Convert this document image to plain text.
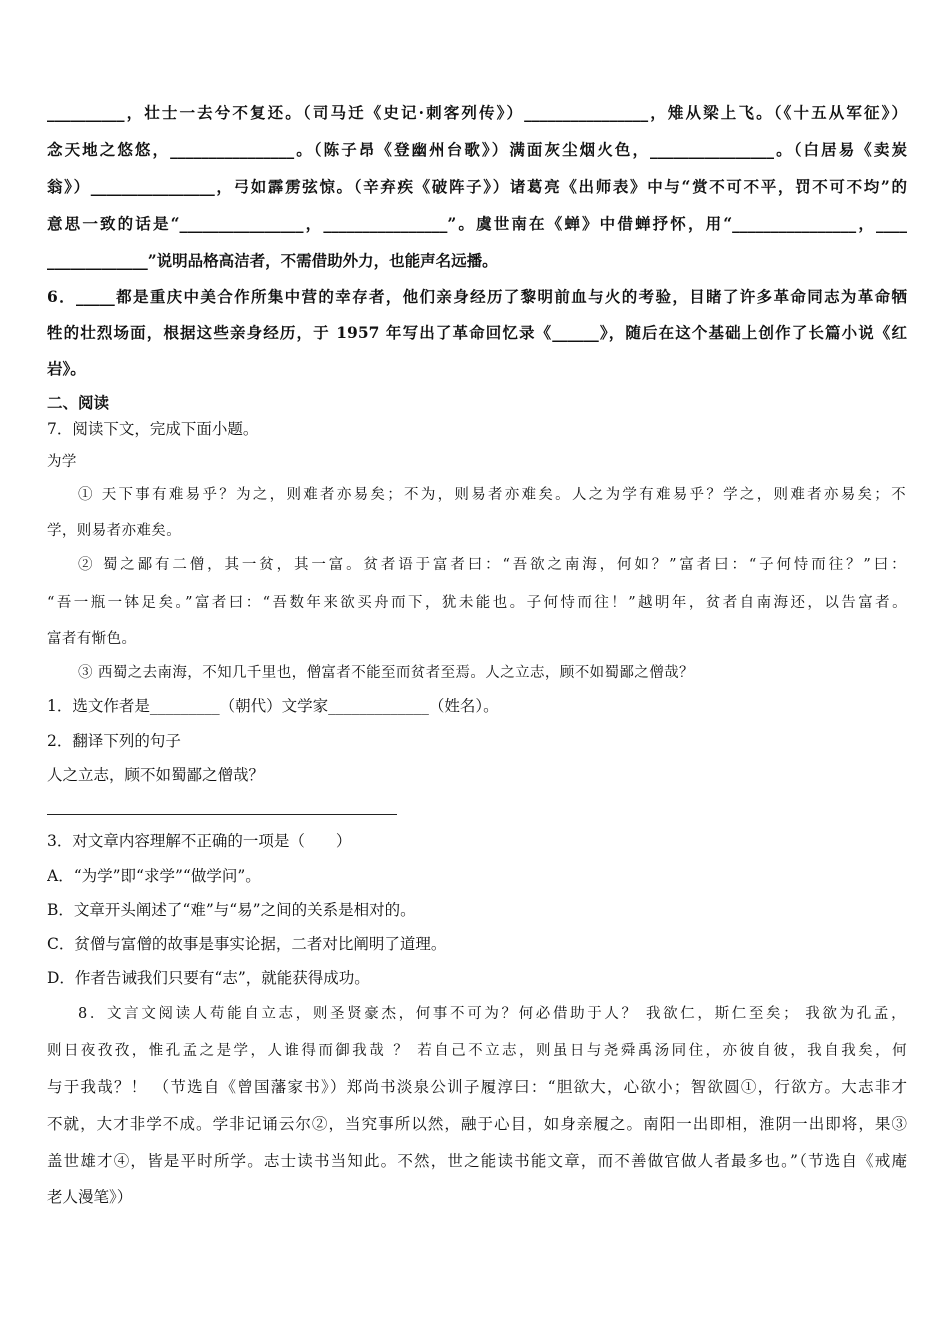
__________，壮士一去兮不复还。（司马迁《史记·刺客列传》）________________，雉从梁上飞。（《十五从军征》）
念天地之悠悠，________________。（陈子昂《登幽州台歌》）满面灰尘烟火色，________________。（白居易《卖炭
翁》）________________，弓如霹雳弦惊。（辛弃疾《破阵子》）诸葛亮《出师表》中与“赏不可不平，罚不可不均”的
意思一致的话是“________________，________________”。虞世南在《蝉》中借蝉抒怀，用“________________，____
_____________”说明品格高洁者，不需借助外力，也能声名远播。
6．_____都是重庆中美合作所集中营的幸存者，他们亲身经历了黎明前血与火的考验，目睹了许多革命同志为革命牺
牲的壮烈场面，根据这些亲身经历，于 1957 年写出了革命回忆录《______》，随后在这个基础上创作了长篇小说《红
岩》。
二、阅读
7．阅读下文，完成下面小题。
为学
① 天下事有难易乎？为之，则难者亦易矣；不为，则易者亦难矣。人之为学有难易乎？学之，则难者亦易矣；不
学，则易者亦难矣。
② 蜀之鄙有二僧，其一贫，其一富。贫者语于富者曰：“吾欲之南海，何如？”富者曰：“子何恃而往？”曰：
“吾一瓶一钵足矣。”富者曰：“吾数年来欲买舟而下，犹未能也。子何恃而往！”越明年，贫者自南海还，以告富者。
富者有惭色。
③ 西蜀之去南海，不知几千里也，僧富者不能至而贫者至焉。人之立志，顾不如蜀鄙之僧哉？
1．选文作者是_________（朝代）文学家_____________（姓名）。
2．翻译下列的句子
人之立志，顾不如蜀鄙之僧哉？
3．对文章内容理解不正确的一项是（　　）
A．“为学”即“求学”“做学问”。
B．文章开头阐述了“难”与“易”之间的关系是相对的。
C．贫僧与富僧的故事是事实论据，二者对比阐明了道理。
D．作者告诫我们只要有“志”，就能获得成功。
8．文言文阅读人苟能自立志，则圣贤豪杰，何事不可为？何必借助于人？ 我欲仁，斯仁至矣； 我欲为孔孟，
则日夜孜孜，惟孔孟之是学，人谁得而御我哉 ？ 若自己不立志，则虽日与尧舜禹汤同住，亦彼自彼，我自我矣，何
与于我哉？！ （节选自《曾国藩家书》）郑尚书淡泉公训子履淳曰：“胆欲大，心欲小；智欲圆①，行欲方。大志非才
不就，大才非学不成。学非记诵云尔②，当究事所以然，融于心目，如身亲履之。南阳一出即相，淮阴一出即将，果③
盖世雄才④，皆是平时所学。志士读书当知此。不然，世之能读书能文章，而不善做官做人者最多也。”（节选自《戒庵
老人漫笔》）
